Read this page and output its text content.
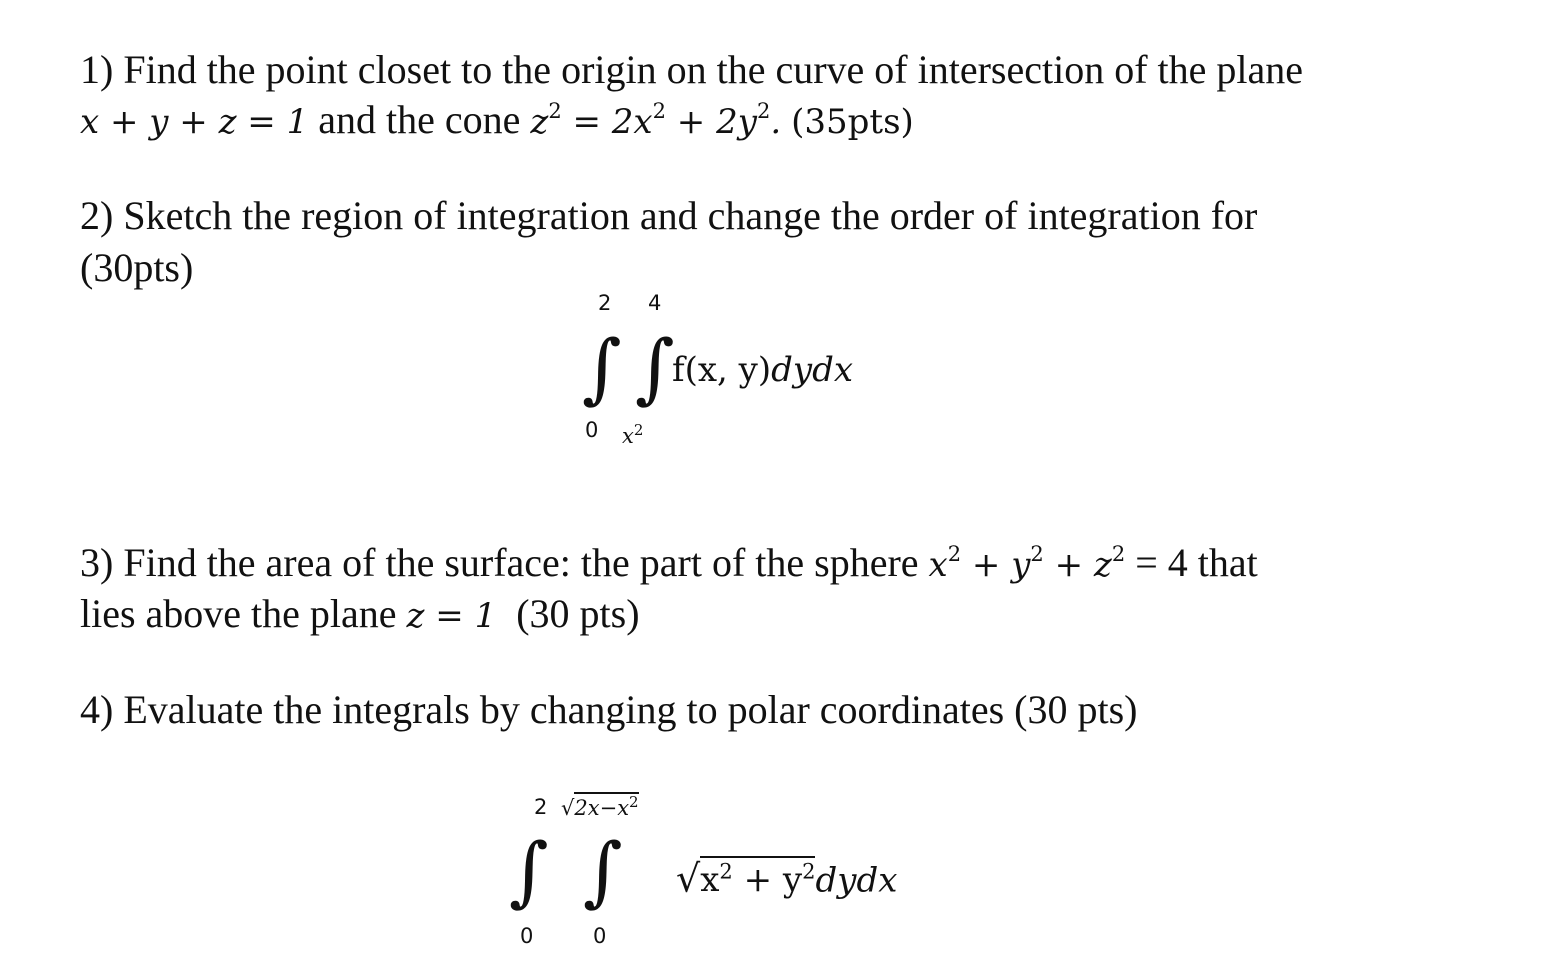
1) Find the point closet to the origin on the curve of intersection of the plane
x + y + z = 1 and the cone $z^2 = 2x^2 + 2y^2$. (35pts)
2) Sketch the region of integration and change the order of integration for
(30pts)
2 4
∫ ∫
0 $x^2$
f(x, y)dydx
3) Find the area of the surface: the part of the sphere $x^2 + y^2 + z^2 = 4$ that
lies above the plane z = 1 (30 pts)
4) Evaluate the integrals by changing to polar coordinates (30 pts)
2 $√2x-x^2$
∫ ∫
0	0
$√x^2$ + $y^2dydx$
